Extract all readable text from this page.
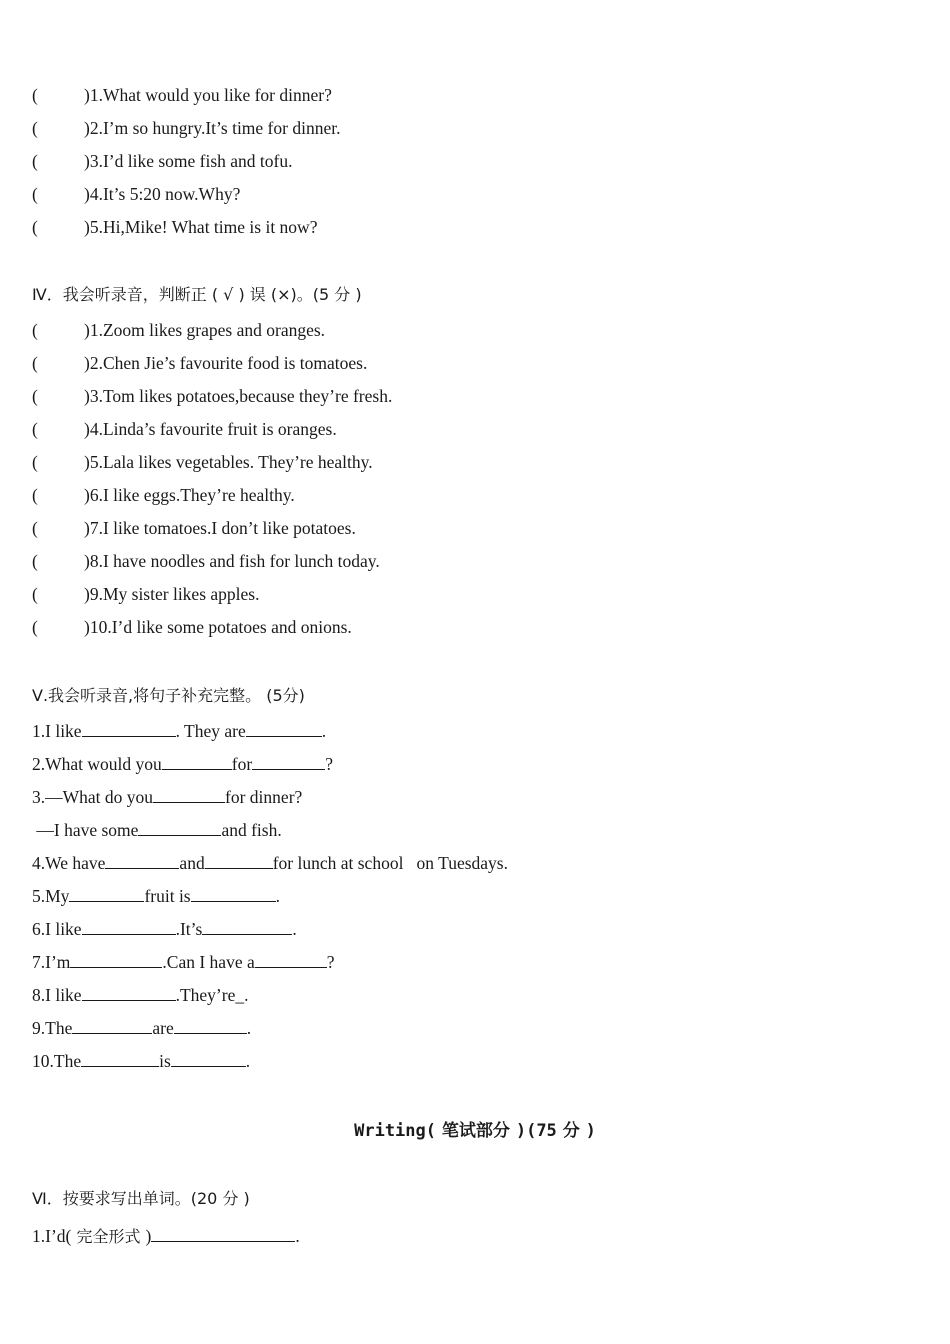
(	)1.What would you like for dinner?
(	)2.I’m so hungry.It’s time for dinner.
(	)3.I’d like some fish and tofu.
(	)4.It’s 5:20 now.Why?
(	)5.Hi,Mike! What time is it now?
Ⅳ．我会听录音，判断正 ( √ ) 误 (×)。(5 分 )
(	)1.Zoom likes grapes and oranges.
(	)2.Chen Jie’s favourite food is tomatoes.
(	)3.Tom likes potatoes,because they’re fresh.
(	)4.Linda’s favourite fruit is oranges.
(	)5.Lala likes vegetables. They’re healthy.
(	)6.I like eggs.They’re healthy.
(	)7.I like tomatoes.I don’t like potatoes.
(	)8.I have noodles and fish for lunch today.
(	)9.My sister likes apples.
(	)10.I’d like some potatoes and onions.
Ⅴ.我会听录音,将句子补充完整。 (5分)
1.I like	. They are	.
2.What would you	for	?
3.—What do you	for dinner?
—I have some	and fish.
4.We have	and	for lunch at school   on Tuesdays.
5.My	fruit is	.
6.I like	.It’s	.
7.I’m	.Can I have a	?
8.I like	.They’re_.
9.The	are	.
10.The	is	.
Writing( 笔试部分 )(75 分 )
Ⅵ．按要求写出单词。(20 分 )
1.I’d( 完全形式 )	.
